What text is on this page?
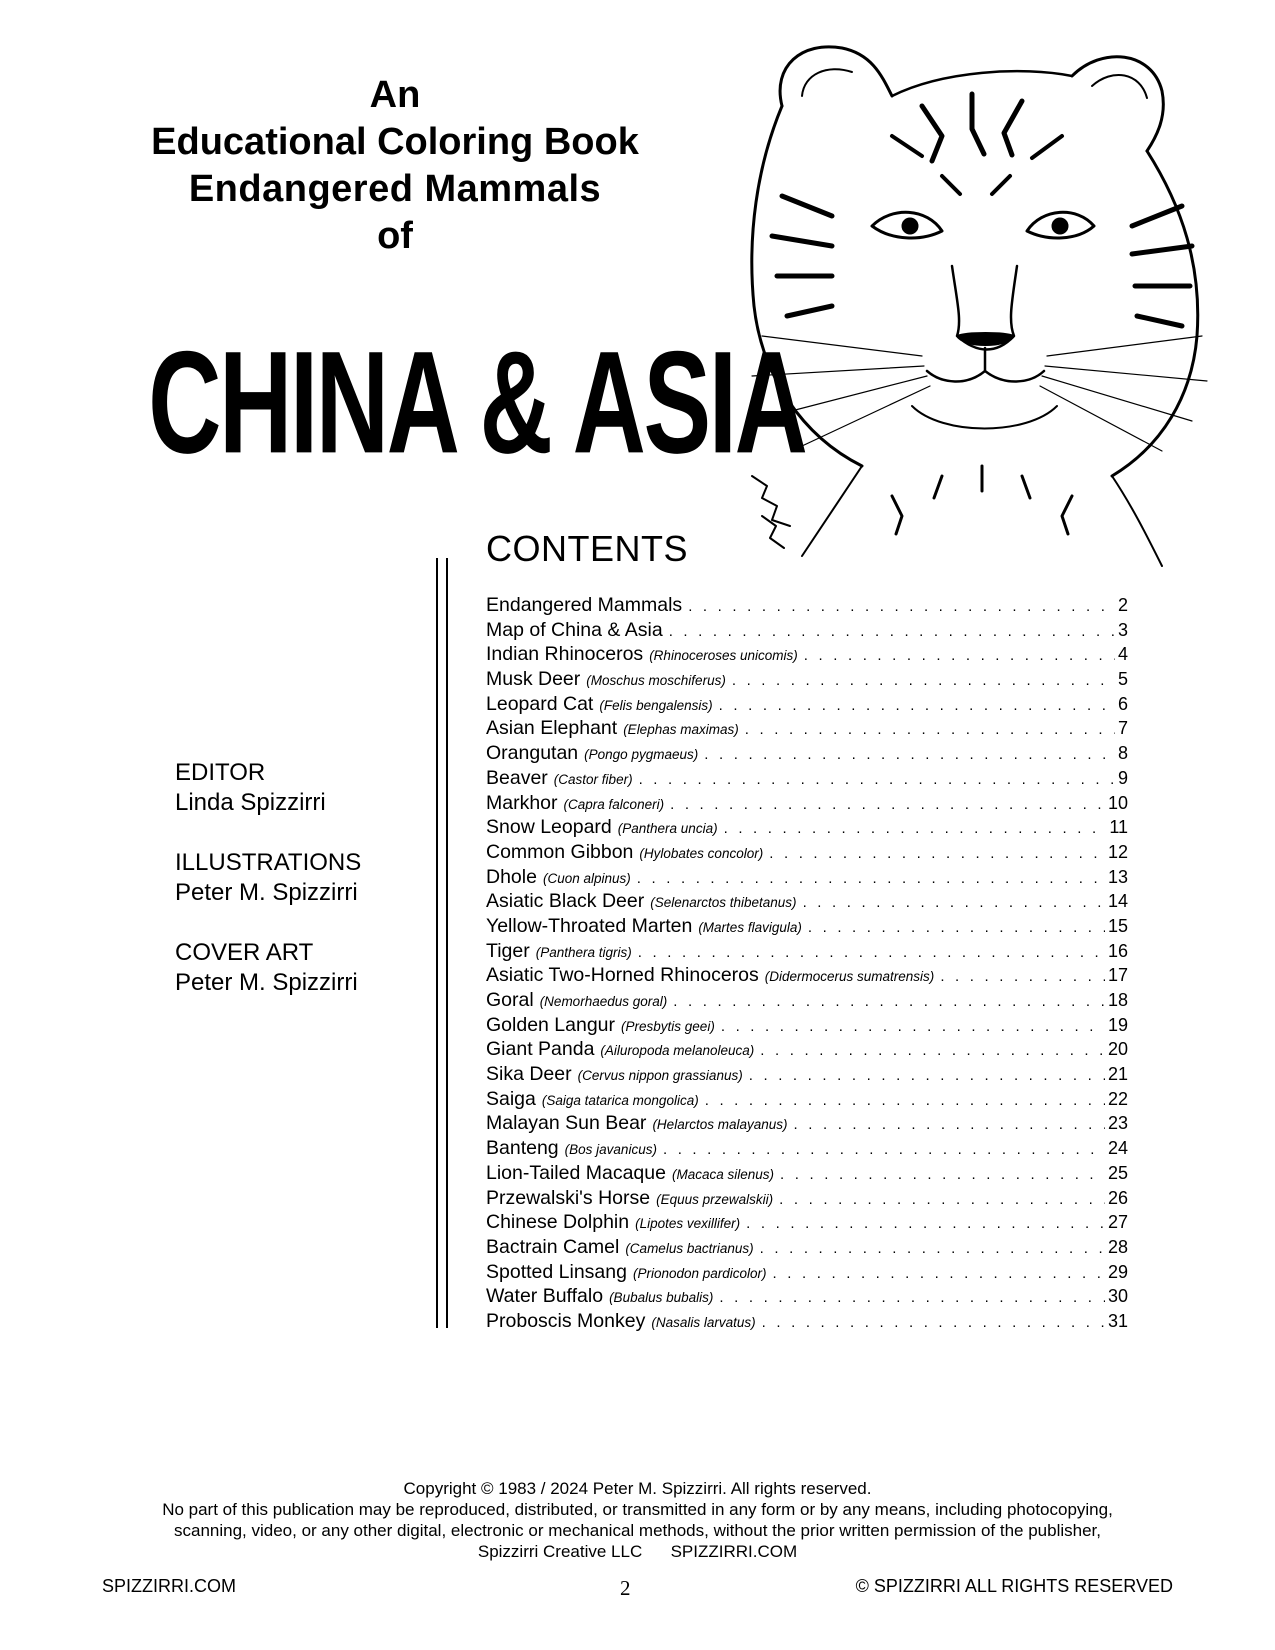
An
Educational Coloring Book
Endangered Mammals
of
CHINA & ASIA
CONTENTS
EDITOR
Linda Spizzirri
ILLUSTRATIONS
Peter M. Spizzirri
COVER ART
Peter M. Spizzirri
Endangered Mammals . . .	2
Map of China & Asia . . .	3
Indian Rhinoceros (Rhinoceroses unicomis) . . .	4
Musk Deer (Moschus moschiferus) . . .	5
Leopard Cat (Felis bengalensis) . . .	6
Asian Elephant (Elephas maximas) . . .	7
Orangutan (Pongo pygmaeus) . . .	8
Beaver (Castor fiber) . . .	9
Markhor (Capra falconeri) . . .	10
Snow Leopard (Panthera uncia) . . .	11
Common Gibbon (Hylobates concolor) . . .	12
Dhole (Cuon alpinus) . . .	13
Asiatic Black Deer (Selenarctos thibetanus) . . .	14
Yellow-Throated Marten (Martes flavigula) . . .	15
Tiger (Panthera tigris) . . .	16
Asiatic Two-Horned Rhinoceros (Didermocerus sumatrensis) . . .	17
Goral (Nemorhaedus goral) . . .	18
Golden Langur (Presbytis geei) . . .	19
Giant Panda (Ailuropoda melanoleuca) . . .	20
Sika Deer (Cervus nippon grassianus) . . .	21
Saiga (Saiga tatarica mongolica) . . .	22
Malayan Sun Bear (Helarctos malayanus) . . .	23
Banteng (Bos javanicus) . . .	24
Lion-Tailed Macaque (Macaca silenus) . . .	25
Przewalski's Horse (Equus przewalskii) . . .	26
Chinese Dolphin (Lipotes vexillifer) . . .	27
Bactrain Camel (Camelus bactrianus) . . .	28
Spotted Linsang (Prionodon pardicolor) . . .	29
Water Buffalo (Bubalus bubalis) . . .	30
Proboscis Monkey (Nasalis larvatus) . . .	31
Copyright © 1983 / 2024 Peter M. Spizzirri. All rights reserved.
No part of this publication may be reproduced, distributed, or transmitted in any form or by any means, including photocopying,
scanning, video, or any other digital, electronic or mechanical methods, without the prior written permission of the publisher,
Spizzirri Creative LLC      SPIZZIRRI.COM
SPIZZIRRI.COM	2	© SPIZZIRRI ALL RIGHTS RESERVED
